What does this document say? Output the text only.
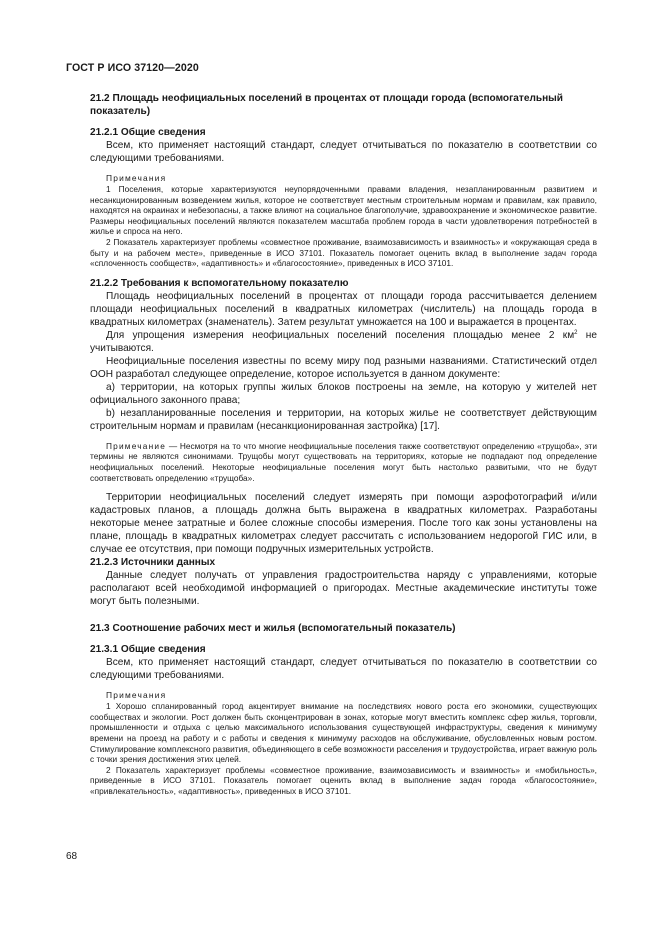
ГОСТ Р ИСО 37120—2020

21.2 Площадь неофициальных поселений в процентах от площади города (вспомогательный показатель)

21.2.1 Общие сведения

Всем, кто применяет настоящий стандарт, следует отчитываться по показателю в соответствии со следующими требованиями.

Примечания

1 Поселения, которые характеризуются неупорядоченными правами владения, незапланированным развитием и несанкционированным возведением жилья, которое не соответствует местным строительным нормам и правилам, как правило, находятся на окраинах и небезопасны, а также влияют на социальное благополучие, здравоохранение и экономическое развитие. Размеры неофициальных поселений являются показателем масштаба проблем города в части удовлетворения потребностей в жилье и спроса на него.

2 Показатель характеризует проблемы «совместное проживание, взаимозависимость и взаимность» и «окружающая среда в быту и на рабочем месте», приведенные в ИСО 37101. Показатель помогает оценить вклад в выполнение задач города «сплоченность сообществ», «адаптивность» и «благосостояние», приведенных в ИСО 37101.

21.2.2 Требования к вспомогательному показателю

Площадь неофициальных поселений в процентах от площади города рассчитывается делением площади неофициальных поселений в квадратных километрах (числитель) на площадь города в квадратных километрах (знаменатель). Затем результат умножается на 100 и выражается в процентах.

Для упрощения измерения неофициальных поселений поселения площадью менее 2 $км^2$ не учитываются.

Неофициальные поселения известны по всему миру под разными названиями. Статистический отдел ООН разработал следующее определение, которое используется в данном документе:

a) территории, на которых группы жилых блоков построены на земле, на которую у жителей нет официального законного права;

b) незапланированные поселения и территории, на которых жилье не соответствует действующим строительным нормам и правилам (несанкционированная застройка) [17].

Примечание — Несмотря на то что многие неофициальные поселения также соответствуют определению «трущоба», эти термины не являются синонимами. Трущобы могут существовать на территориях, которые не подпадают под определение неофициальных поселений. Некоторые неофициальные поселения могут быть настолько развитыми, что не будут соответствовать определению «трущоба».

Территории неофициальных поселений следует измерять при помощи аэрофотографий и/или кадастровых планов, а площадь должна быть выражена в квадратных километрах. Разработаны некоторые менее затратные и более сложные способы измерения. После того как зоны установлены на плане, площадь в квадратных километрах следует рассчитать с использованием недорогой ГИС или, в случае ее отсутствия, при помощи подручных измерительных устройств.

21.2.3 Источники данных

Данные следует получать от управления градостроительства наряду с управлениями, которые располагают всей необходимой информацией о пригородах. Местные академические институты тоже могут быть полезными.

21.3 Соотношение рабочих мест и жилья (вспомогательный показатель)

21.3.1 Общие сведения

Всем, кто применяет настоящий стандарт, следует отчитываться по показателю в соответствии со следующими требованиями.

Примечания

1 Хорошо спланированный город акцентирует внимание на последствиях нового роста его экономики, существующих сообществах и экологии. Рост должен быть сконцентрирован в зонах, которые могут вместить комплекс сфер жилья, торговли, промышленности и отдыха с целью максимального использования существующей инфраструктуры, сведения к минимуму времени на проезд на работу и с работы и сведения к минимуму расходов на обслуживание, обусловленных новым ростом. Стимулирование комплексного развития, объединяющего в себе возможности расселения и трудоустройства, играет важную роль с точки зрения достижения этих целей.

2 Показатель характеризует проблемы «совместное проживание, взаимозависимость и взаимность» и «мобильность», приведенные в ИСО 37101. Показатель помогает оценить вклад в выполнение задач города «благосостояние», «привлекательность», «адаптивность», приведенных в ИСО 37101.

68
